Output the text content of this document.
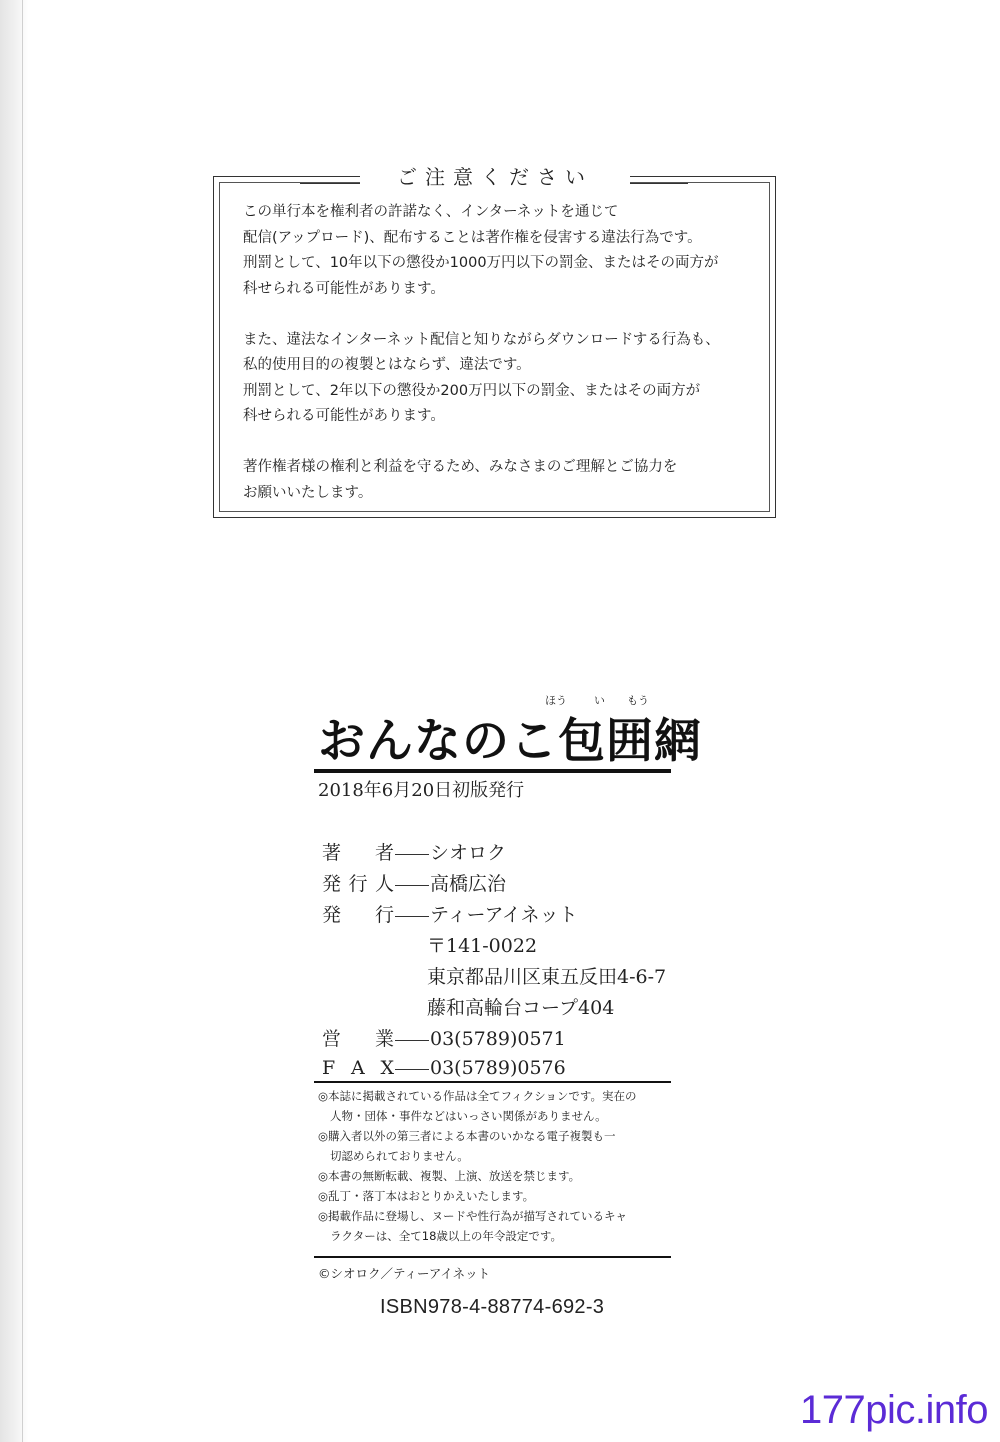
ご注意ください
この単行本を権利者の許諾なく、インターネットを通じて
配信(アップロード)、配布することは著作権を侵害する違法行為です。
刑罰として、10年以下の懲役か1000万円以下の罰金、またはその両方が
科せられる可能性があります。
また、違法なインターネット配信と知りながらダウンロードする行為も、
私的使用目的の複製とはならず、違法です。
刑罰として、2年以下の懲役か200万円以下の罰金、またはその両方が
科せられる可能性があります。
著作権者様の権利と利益を守るため、みなさまのご理解とご協力を
お願いいたします。
ほう い もう
おんなのこ包囲網
2018年6月20日初版発行
著　者 シオロク
発行人 高橋広治
発　行 ティーアイネット
〒141-0022
東京都品川区東五反田4-6-7
藤和高輪台コープ404
営　業 03(5789)0571
F A X 03(5789)0576
◎本誌に掲載されている作品は全てフィクションです。実在の
人物・団体・事件などはいっさい関係がありません。
◎購入者以外の第三者による本書のいかなる電子複製も一
切認められておりません。
◎本書の無断転載、複製、上演、放送を禁じます。
◎乱丁・落丁本はおとりかえいたします。
◎掲載作品に登場し、ヌードや性行為が描写されているキャ
ラクターは、全て18歳以上の年令設定です。
©シオロク／ティーアイネット
ISBN978-4-88774-692-3
177pic.info
